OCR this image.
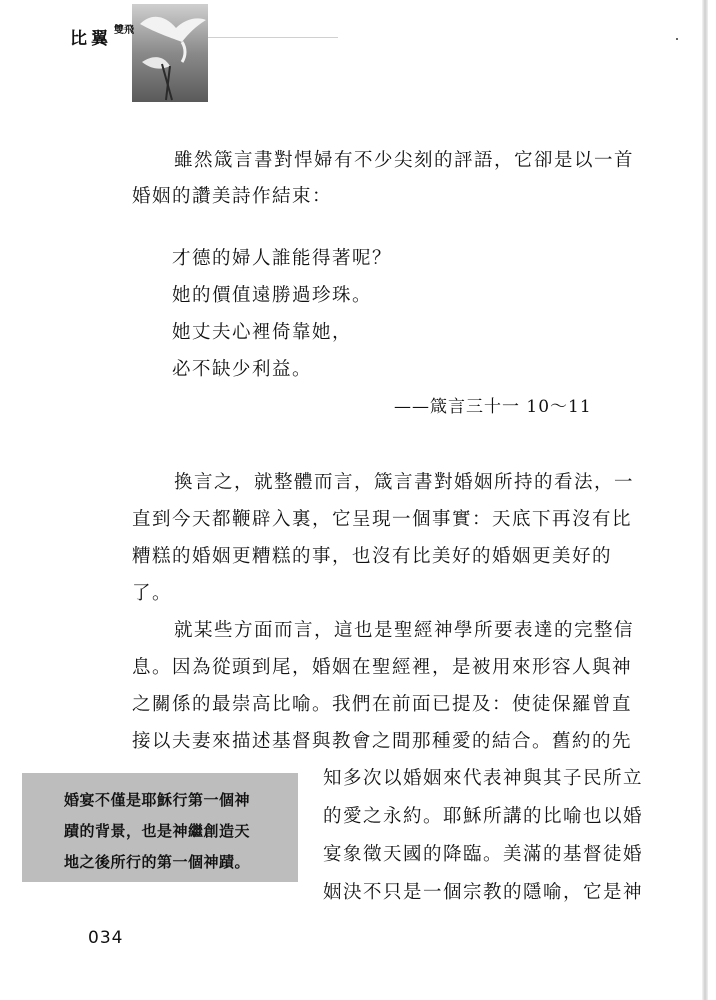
比翼 雙飛
雖然箴言書對悍婦有不少尖刻的評語，它卻是以一首
婚姻的讚美詩作結束：
才德的婦人誰能得著呢？
她的價值遠勝過珍珠。
她丈夫心裡倚靠她，
必不缺少利益。
——箴言三十一 10～11
換言之，就整體而言，箴言書對婚姻所持的看法，一
直到今天都鞭辟入裏，它呈現一個事實：天底下再沒有比
糟糕的婚姻更糟糕的事，也沒有比美好的婚姻更美好的
了。
就某些方面而言，這也是聖經神學所要表達的完整信
息。因為從頭到尾，婚姻在聖經裡，是被用來形容人與神
之關係的最崇高比喻。我們在前面已提及：使徒保羅曾直
接以夫妻來描述基督與教會之間那種愛的結合。舊約的先
知多次以婚姻來代表神與其子民所立
的愛之永約。耶穌所講的比喻也以婚
宴象徵天國的降臨。美滿的基督徒婚
姻決不只是一個宗教的隱喻，它是神
婚宴不僅是耶穌行第一個神
蹟的背景，也是神繼創造天
地之後所行的第一個神蹟。
034
